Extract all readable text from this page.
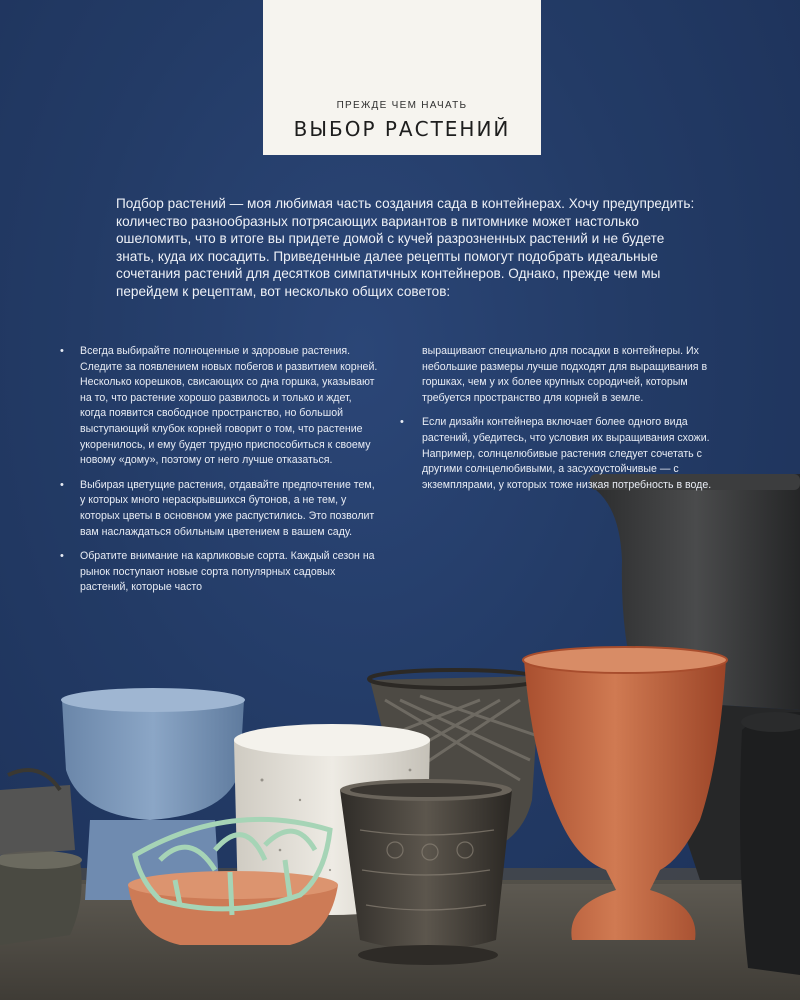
ПРЕЖДЕ ЧЕМ НАЧАТЬ
ВЫБОР РАСТЕНИЙ
Подбор растений — моя любимая часть создания сада в контейнерах. Хочу предупредить: количество разнообразных потрясающих вариантов в питомнике может настолько ошеломить, что в итоге вы придете домой с кучей разрозненных растений и не будете знать, куда их посадить. Приведенные далее рецепты помогут подобрать идеальные сочетания растений для десятков симпатичных контейнеров. Однако, прежде чем мы перейдем к рецептам, вот несколько общих советов:
• Всегда выбирайте полноценные и здоровые растения. Следите за появлением новых побегов и развитием корней. Несколько корешков, свисающих со дна горшка, указывают на то, что растение хорошо развилось и только и ждет, когда появится свободное пространство, но большой выступающий клубок корней говорит о том, что растение укоренилось, и ему будет трудно приспособиться к своему новому «дому», поэтому от него лучше отказаться.
• Выбирая цветущие растения, отдавайте предпочтение тем, у которых много нераскрывшихся бутонов, а не тем, у которых цветы в основном уже распустились. Это позволит вам наслаждаться обильным цветением в вашем саду.
• Обратите внимание на карликовые сорта. Каждый сезон на рынок поступают новые сорта популярных садовых растений, которые часто
выращивают специально для посадки в контейнеры. Их небольшие размеры лучше подходят для выращивания в горшках, чем у их более крупных сородичей, которым требуется пространство для корней в земле.
• Если дизайн контейнера включает более одного вида растений, убедитесь, что условия их выращивания схожи. Например, солнцелюбивые растения следует сочетать с другими солнцелюбивыми, а засухоустойчивые — с экземплярами, у которых тоже низкая потребность в воде.
